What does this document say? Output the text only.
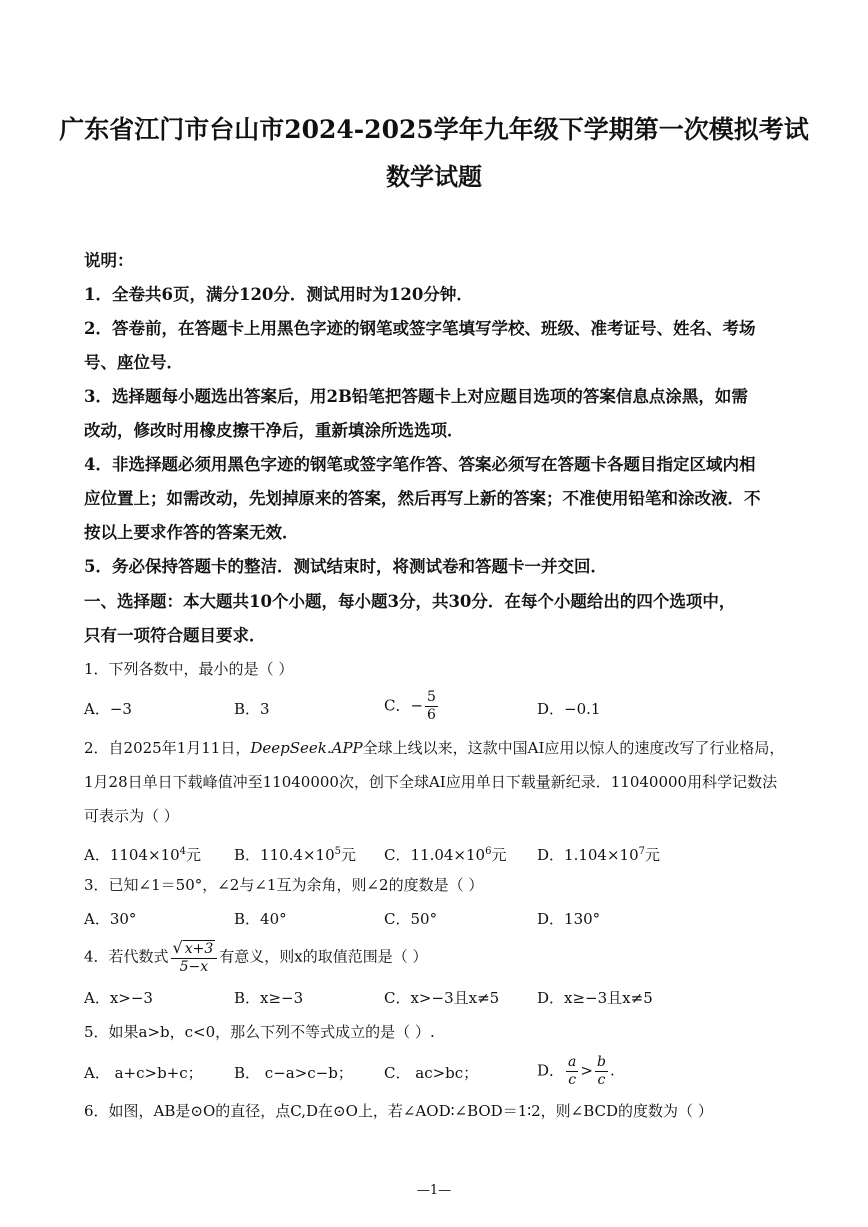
广东省江门市台山市2024-2025学年九年级下学期第一次模拟考试
数学试题
说明：
1．全卷共6页，满分120分．测试用时为120分钟．
2．答卷前，在答题卡上用黑色字迹的钢笔或签字笔填写学校、班级、准考证号、姓名、考场
号、座位号．
3．选择题每小题选出答案后，用2B铅笔把答题卡上对应题目选项的答案信息点涂黑，如需
改动，修改时用橡皮擦干净后，重新填涂所选选项．
4．非选择题必须用黑色字迹的钢笔或签字笔作答、答案必须写在答题卡各题目指定区域内相
应位置上；如需改动，先划掉原来的答案，然后再写上新的答案；不准使用铅笔和涂改液．不
按以上要求作答的答案无效．
5．务必保持答题卡的整洁．测试结束时，将测试卷和答题卡一并交回．
一、选择题：本大题共10个小题，每小题3分，共30分．在每个小题给出的四个选项中，
只有一项符合题目要求．
1．下列各数中，最小的是（ ）
A．−3	B．3	C．− $\frac{5}{6}$	D．−0.1
2．自2025年1月11日，DeepSeek.APP全球上线以来，这款中国AI应用以惊人的速度改写了行业格局，
1月28日单日下载峰值冲至11040000次，创下全球AI应用单日下载量新纪录．11040000用科学记数法
可表示为（ ）
A．$1104\times 10^4$元 B．$110.4\times 10^5$元 C．$11.04\times 10^6$元 D．$1.104\times 10^7$元
3．已知∠1＝50°，∠2与∠1互为余角，则∠2的度数是（ ）
A．30°	B．40°	C．50°	D．130°
4．若代数式 $\frac{√ x+3}{5-x}$ 有意义，则x的取值范围是（ ）
A．x>−3	B．x≥−3	C．x>−3且x≠5	D．x≥−3且x≠5
5．如果a>b，c<0，那么下列不等式成立的是（ ）.
A． a+c>b+c； B． c−a>c−b； C． ac>bc；	D． $\frac{a}{c} > \frac{b}{c}$ .
6．如图，AB是⊙O的直径，点C,D在⊙O上，若∠AOD∶∠BOD＝1∶2，则∠BCD的度数为（ ）
—1—
